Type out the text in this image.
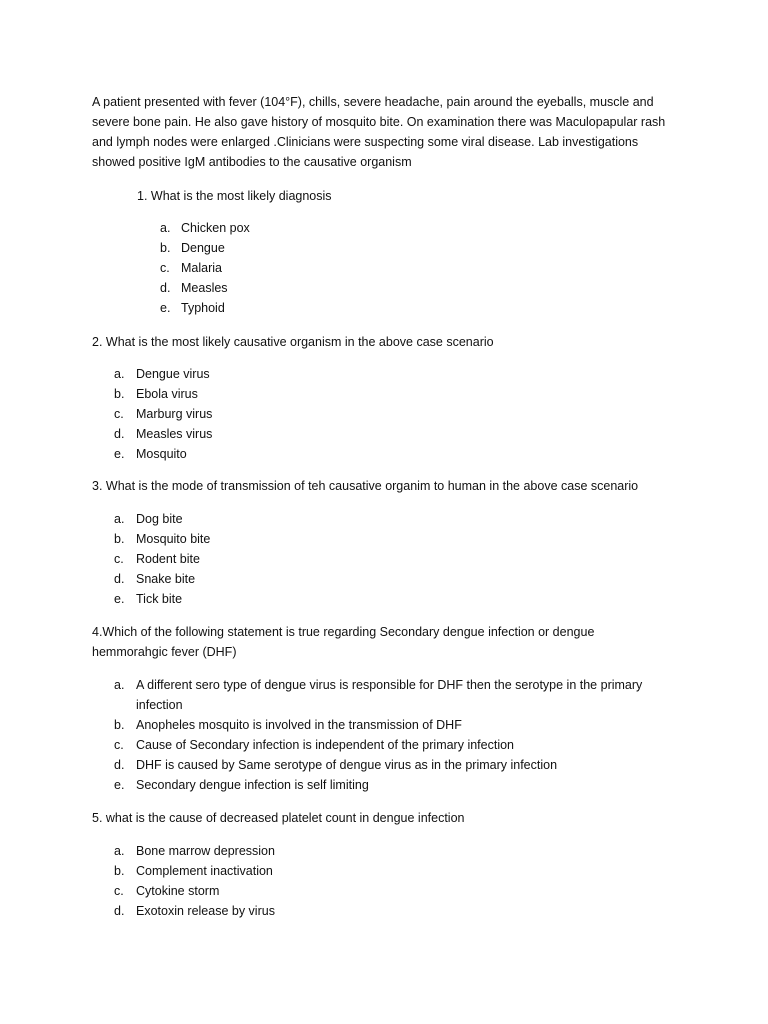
A patient presented with fever (104°F), chills, severe headache, pain around the eyeballs, muscle and

severe bone pain. He also gave history of mosquito bite. On examination there was Maculopapular rash

and lymph nodes were enlarged .Clinicians were suspecting some viral disease. Lab investigations

showed positive IgM antibodies to the causative organism

1. What is the most likely diagnosis

a. Chicken pox
b. Dengue
c. Malaria
d. Measles
e. Typhoid

2. What is the most likely causative organism in the above case scenario

a. Dengue virus
b. Ebola virus
c. Marburg virus
d. Measles virus
e. Mosquito

3. What is the mode of transmission of teh causative organim to human in the above case scenario

a. Dog bite
b. Mosquito bite
c. Rodent bite
d. Snake bite
e. Tick bite

4.Which of the following statement is true regarding Secondary dengue infection or dengue

hemmorahgic fever (DHF)

a. A different sero type of dengue virus is responsible for DHF then the serotype in the primary
infection
b. Anopheles mosquito is involved in the transmission of DHF
c. Cause of Secondary infection is independent of the primary infection
d. DHF is caused by Same serotype of dengue virus as in the primary infection
e. Secondary dengue infection is self limiting

5. what is the cause of decreased platelet count in dengue infection

a. Bone marrow depression
b. Complement inactivation
c. Cytokine storm
d. Exotoxin release by virus
